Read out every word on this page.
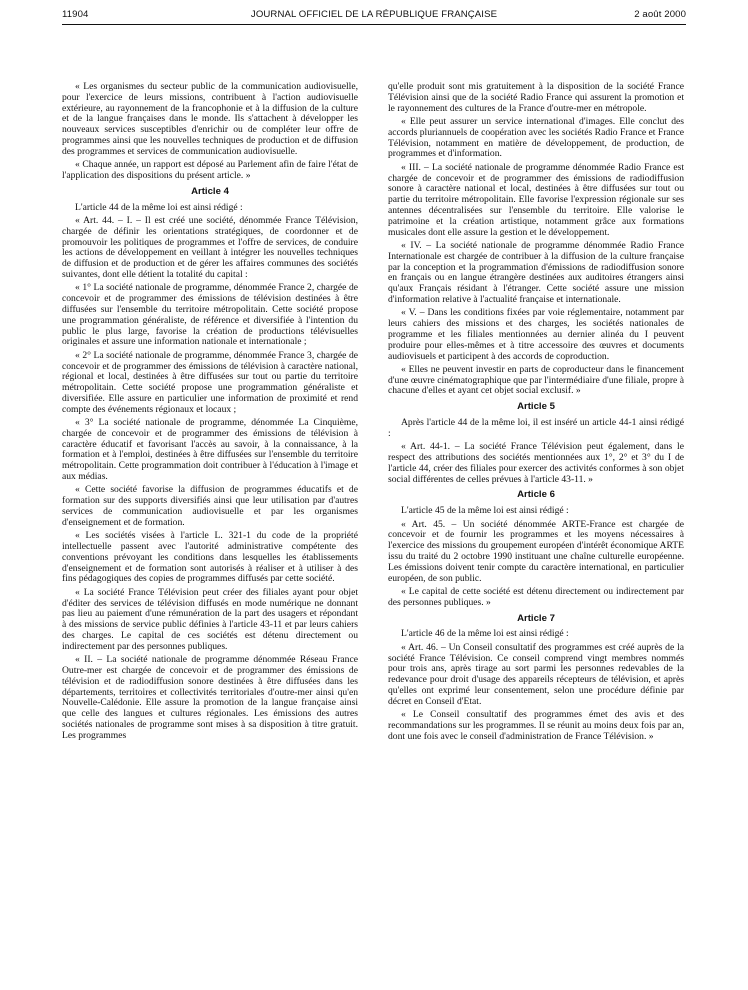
11904	JOURNAL OFFICIEL DE LA RÉPUBLIQUE FRANÇAISE	2 août 2000

« Les organismes du secteur public de la communication audiovisuelle, pour l'exercice de leurs missions, contribuent à l'action audiovisuelle extérieure, au rayonnement de la francophonie et à la diffusion de la culture et de la langue françaises dans le monde. Ils s'attachent à développer les nouveaux services susceptibles d'enrichir ou de compléter leur offre de programmes ainsi que les nouvelles techniques de production et de diffusion des programmes et services de communication audiovisuelle.

« Chaque année, un rapport est déposé au Parlement afin de faire l'état de l'application des dispositions du présent article. »

Article 4

L'article 44 de la même loi est ainsi rédigé :

« Art. 44. – I. – Il est créé une société, dénommée France Télévision, chargée de définir les orientations stratégiques, de coordonner et de promouvoir les politiques de programmes et l'offre de services, de conduire les actions de développement en veillant à intégrer les nouvelles techniques de diffusion et de production et de gérer les affaires communes des sociétés suivantes, dont elle détient la totalité du capital :

« 1° La société nationale de programme, dénommée France 2, chargée de concevoir et de programmer des émissions de télévision destinées à être diffusées sur l'ensemble du territoire métropolitain. Cette société propose une programmation généraliste, de référence et diversifiée à l'intention du public le plus large, favorise la création de productions télévisuelles originales et assure une information nationale et internationale ;

« 2° La société nationale de programme, dénommée France 3, chargée de concevoir et de programmer des émissions de télévision à caractère national, régional et local, destinées à être diffusées sur tout ou partie du territoire métropolitain. Cette société propose une programmation généraliste et diversifiée. Elle assure en particulier une information de proximité et rend compte des événements régionaux et locaux ;

« 3° La société nationale de programme, dénommée La Cinquième, chargée de concevoir et de programmer des émissions de télévision à caractère éducatif et favorisant l'accès au savoir, à la connaissance, à la formation et à l'emploi, destinées à être diffusées sur l'ensemble du territoire métropolitain. Cette programmation doit contribuer à l'éducation à l'image et aux médias.

« Cette société favorise la diffusion de programmes éducatifs et de formation sur des supports diversifiés ainsi que leur utilisation par d'autres services de communication audiovisuelle et par les organismes d'enseignement et de formation.

« Les sociétés visées à l'article L. 321-1 du code de la propriété intellectuelle passent avec l'autorité administrative compétente des conventions prévoyant les conditions dans lesquelles les établissements d'enseignement et de formation sont autorisés à réaliser et à utiliser à des fins pédagogiques des copies de programmes diffusés par cette société.

« La société France Télévision peut créer des filiales ayant pour objet d'éditer des services de télévision diffusés en mode numérique ne donnant pas lieu au paiement d'une rémunération de la part des usagers et répondant à des missions de service public définies à l'article 43-11 et par leurs cahiers des charges. Le capital de ces sociétés est détenu directement ou indirectement par des personnes publiques.

« II. – La société nationale de programme dénommée Réseau France Outre-mer est chargée de concevoir et de programmer des émissions de télévision et de radiodiffusion sonore destinées à être diffusées dans les départements, territoires et collectivités territoriales d'outre-mer ainsi qu'en Nouvelle-Calédonie. Elle assure la promotion de la langue française ainsi que celle des langues et cultures régionales. Les émissions des autres sociétés nationales de programme sont mises à sa disposition à titre gratuit. Les programmes

qu'elle produit sont mis gratuitement à la disposition de la société France Télévision ainsi que de la société Radio France qui assurent la promotion et le rayonnement des cultures de la France d'outre-mer en métropole.

« Elle peut assurer un service international d'images. Elle conclut des accords pluriannuels de coopération avec les sociétés Radio France et France Télévision, notamment en matière de développement, de production, de programmes et d'information.

« III. – La société nationale de programme dénommée Radio France est chargée de concevoir et de programmer des émissions de radiodiffusion sonore à caractère national et local, destinées à être diffusées sur tout ou partie du territoire métropolitain. Elle favorise l'expression régionale sur ses antennes décentralisées sur l'ensemble du territoire. Elle valorise le patrimoine et la création artistique, notamment grâce aux formations musicales dont elle assure la gestion et le développement.

« IV. – La société nationale de programme dénommée Radio France Internationale est chargée de contribuer à la diffusion de la culture française par la conception et la programmation d'émissions de radiodiffusion sonore en français ou en langue étrangère destinées aux auditoires étrangers ainsi qu'aux Français résidant à l'étranger. Cette société assure une mission d'information relative à l'actualité française et internationale.

« V. – Dans les conditions fixées par voie réglementaire, notamment par leurs cahiers des missions et des charges, les sociétés nationales de programme et les filiales mentionnées au dernier alinéa du I peuvent produire pour elles-mêmes et à titre accessoire des œuvres et documents audiovisuels et participent à des accords de coproduction.

« Elles ne peuvent investir en parts de coproducteur dans le financement d'une œuvre cinématographique que par l'intermédiaire d'une filiale, propre à chacune d'elles et ayant cet objet social exclusif. »

Article 5

Après l'article 44 de la même loi, il est inséré un article 44-1 ainsi rédigé :

« Art. 44-1. – La société France Télévision peut également, dans le respect des attributions des sociétés mentionnées aux 1°, 2° et 3° du I de l'article 44, créer des filiales pour exercer des activités conformes à son objet social différentes de celles prévues à l'article 43-11. »

Article 6

L'article 45 de la même loi est ainsi rédigé :

« Art. 45. – Un société dénommée ARTE-France est chargée de concevoir et de fournir les programmes et les moyens nécessaires à l'exercice des missions du groupement européen d'intérêt économique ARTE issu du traité du 2 octobre 1990 instituant une chaîne culturelle européenne. Les émissions doivent tenir compte du caractère international, en particulier européen, de son public.

« Le capital de cette société est détenu directement ou indirectement par des personnes publiques. »

Article 7

L'article 46 de la même loi est ainsi rédigé :

« Art. 46. – Un Conseil consultatif des programmes est créé auprès de la société France Télévision. Ce conseil comprend vingt membres nommés pour trois ans, après tirage au sort parmi les personnes redevables de la redevance pour droit d'usage des appareils récepteurs de télévision, et après qu'elles ont exprimé leur consentement, selon une procédure définie par décret en Conseil d'Etat.

« Le Conseil consultatif des programmes émet des avis et des recommandations sur les programmes. Il se réunit au moins deux fois par an, dont une fois avec le conseil d'administration de France Télévision. »
